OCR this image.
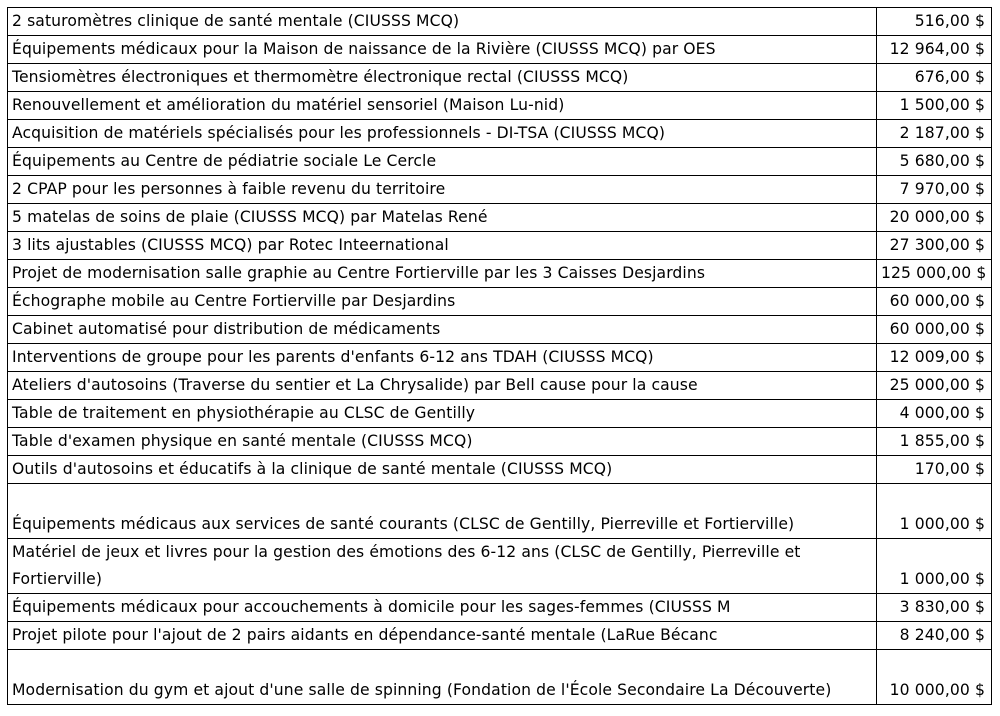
2 saturomètres clinique de santé mentale (CIUSSS MCQ)	516,00 $
Équipements médicaux pour la Maison de naissance de la Rivière (CIUSSS MCQ) par OES	12 964,00 $
Tensiomètres électroniques et thermomètre électronique rectal (CIUSSS MCQ)	676,00 $
Renouvellement et amélioration du matériel sensoriel (Maison Lu-nid)	1 500,00 $
Acquisition de matériels spécialisés pour les professionnels - DI-TSA (CIUSSS MCQ)	2 187,00 $
Équipements au Centre de pédiatrie sociale Le Cercle	5 680,00 $
2 CPAP pour les personnes à faible revenu du territoire	7 970,00 $
5 matelas de soins de plaie (CIUSSS MCQ) par Matelas René	20 000,00 $
3 lits ajustables (CIUSSS MCQ) par Rotec Inteernational	27 300,00 $
Projet de modernisation salle graphie au Centre Fortierville par les 3 Caisses Desjardins	125 000,00 $
Échographe mobile au Centre Fortierville par Desjardins	60 000,00 $
Cabinet automatisé pour distribution de médicaments	60 000,00 $
Interventions de groupe pour les parents d'enfants 6-12 ans TDAH (CIUSSS MCQ)	12 009,00 $
Ateliers d'autosoins (Traverse du sentier et La Chrysalide) par Bell cause pour la cause	25 000,00 $
Table de traitement en physiothérapie au CLSC de Gentilly	4 000,00 $
Table d'examen physique en santé mentale (CIUSSS MCQ)	1 855,00 $
Outils d'autosoins et éducatifs à la clinique de santé mentale (CIUSSS MCQ)	170,00 $
Équipements médicaus aux services de santé courants (CLSC de Gentilly, Pierreville et Fortierville)	1 000,00 $
Matériel de jeux et livres pour la gestion des émotions des 6-12 ans (CLSC de Gentilly, Pierreville et Fortierville)	1 000,00 $
Équipements médicaux pour accouchements à domicile pour les sages-femmes (CIUSSS M	3 830,00 $
Projet pilote pour l'ajout de 2 pairs aidants en dépendance-santé mentale (LaRue Bécanc	8 240,00 $
Modernisation du gym et ajout d'une salle de spinning (Fondation de l'École Secondaire La Découverte)	10 000,00 $
